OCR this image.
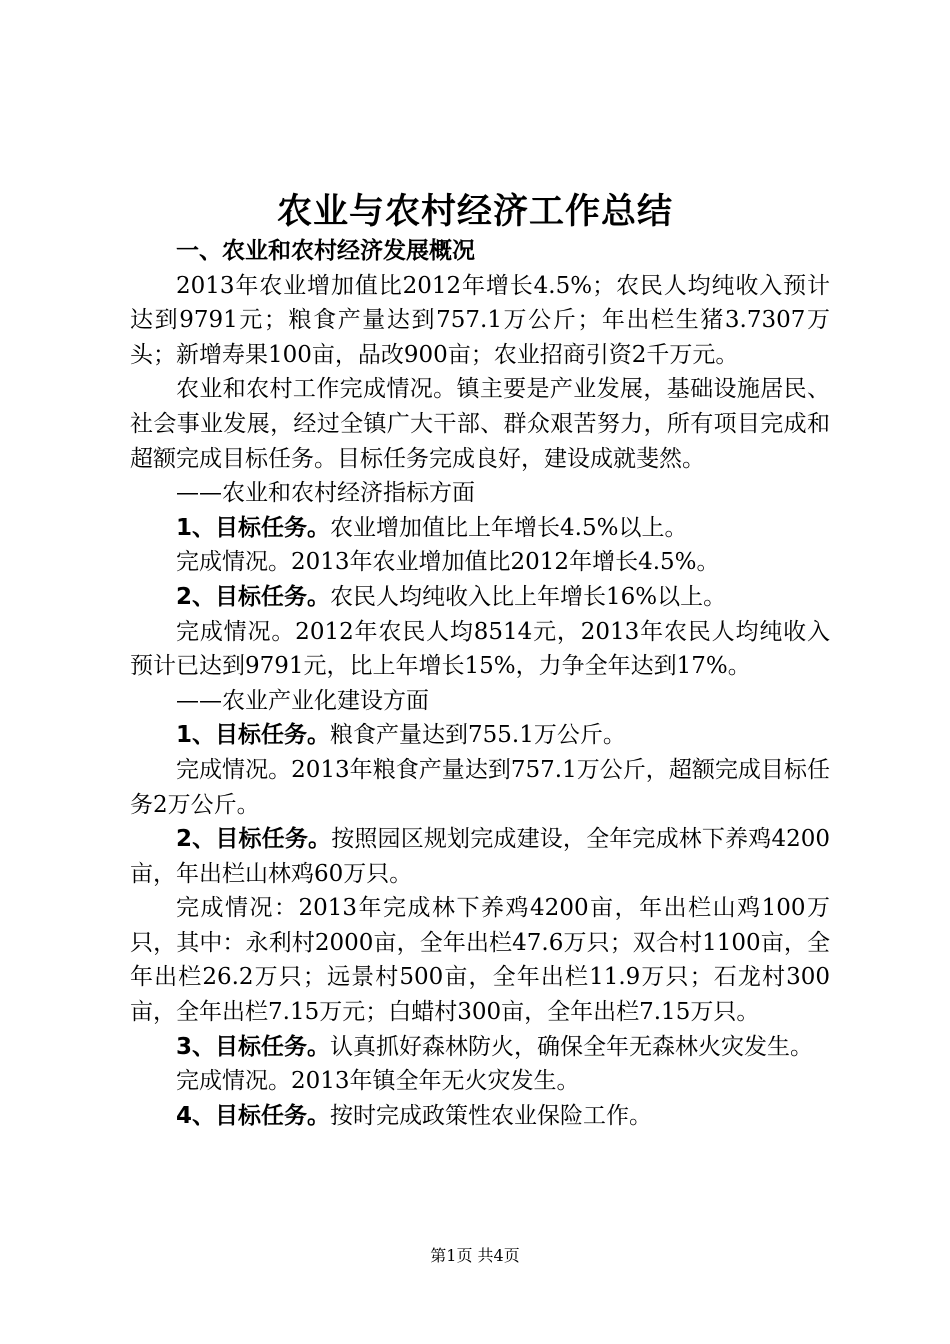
农业与农村经济工作总结

一、农业和农村经济发展概况

2013年农业增加值比2012年增长4.5%；农民人均纯收入预计达到9791元；粮食产量达到757.1万公斤；年出栏生猪3.7307万头；新增寿果100亩，品改900亩；农业招商引资2千万元。

农业和农村工作完成情况。镇主要是产业发展，基础设施居民、社会事业发展，经过全镇广大干部、群众艰苦努力，所有项目完成和超额完成目标任务。目标任务完成良好，建设成就斐然。

——农业和农村经济指标方面

1、目标任务。农业增加值比上年增长4.5%以上。

完成情况。2013年农业增加值比2012年增长4.5%。

2、目标任务。农民人均纯收入比上年增长16%以上。

完成情况。2012年农民人均8514元，2013年农民人均纯收入预计已达到9791元，比上年增长15%，力争全年达到17%。

——农业产业化建设方面

1、目标任务。粮食产量达到755.1万公斤。

完成情况。2013年粮食产量达到757.1万公斤，超额完成目标任务2万公斤。

2、目标任务。按照园区规划完成建设，全年完成林下养鸡4200亩，年出栏山林鸡60万只。

完成情况：2013年完成林下养鸡4200亩，年出栏山鸡100万只，其中：永利村2000亩，全年出栏47.6万只；双合村1100亩，全年出栏26.2万只；远景村500亩，全年出栏11.9万只；石龙村300亩，全年出栏7.15万元；白蜡村300亩，全年出栏7.15万只。

3、目标任务。认真抓好森林防火，确保全年无森林火灾发生。

完成情况。2013年镇全年无火灾发生。

4、目标任务。按时完成政策性农业保险工作。

第1页 共4页
